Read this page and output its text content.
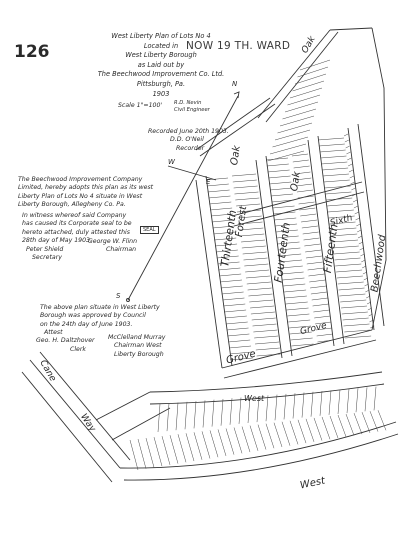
126

West Liberty Plan of Lots No 4

Located in

West Liberty Borough

as Laid out by

The Beechwood Improvement Co. Ltd.

Pittsburgh, Pa.

1903

Scale 1"=100'
NOW 19 TH. WARD

R.D. Nevin

Civil Engineer

Recorded June 20th 1903.

D.D. O'Neil

Recorder

N
S
E
W

The Beechwood Improvement Company

Limited, hereby adopts this plan as its west

Liberty Plan of Lots No 4 situate in West

Liberty Borough, Allegheny Co. Pa.

In witness whereof said Company

has caused its Corporate seal to be

hereto attached, duly attested this

28th day of May 1903.

SEAL

Peter Shield

Secretary

George W. Flinn

Chairman

The above plan situate in West Liberty

Borough was approved by Council

on the 24th day of June 1903.

Attest

Geo. H. Daltzhover

Clerk

McClelland Murray

Chairman West

Liberty Borough

Thirteenth	Fourteenth	Fifteenth
Forest
Oak
Oak
Oak
Grove
Grove
Sixth
Beechwood
West
West
Cane
Way
